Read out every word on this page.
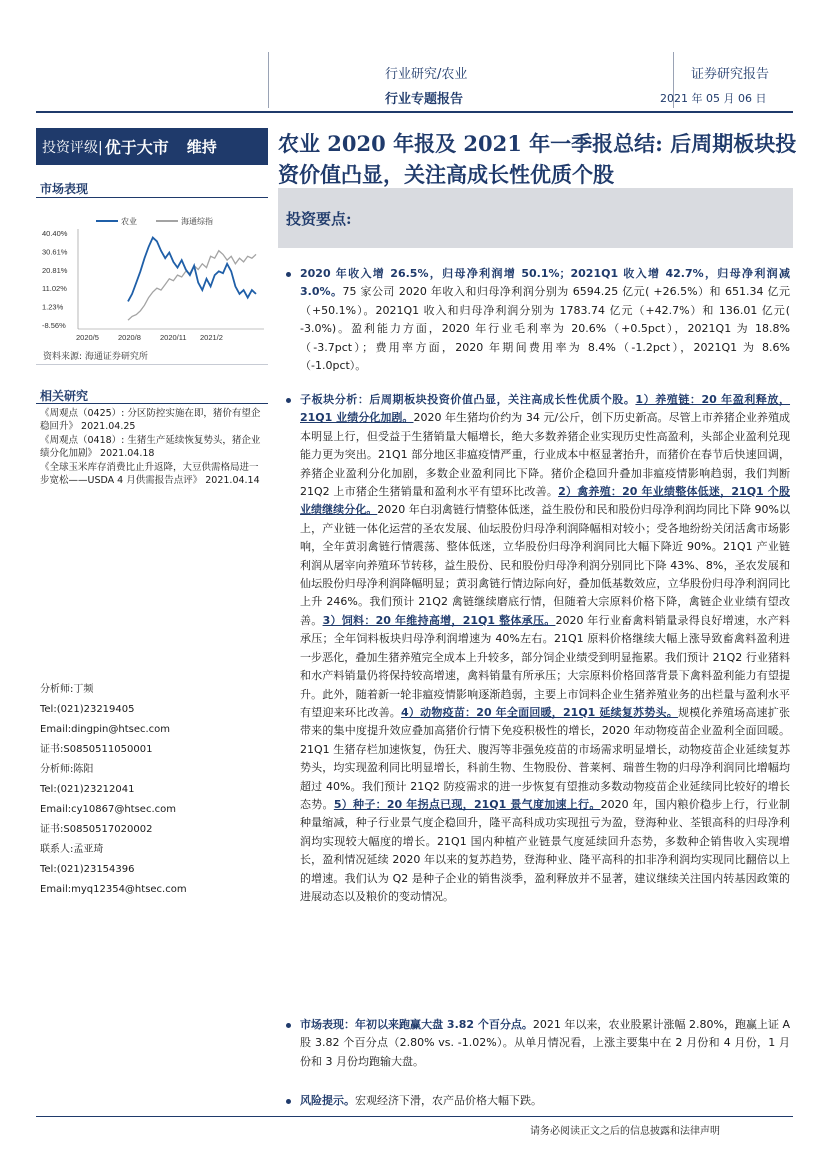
行业研究/农业
行业专题报告
证券研究报告
2021 年 05 月 06 日
投资评级| 优于大市 维持	农业 2020 年报及 2021 年一季报总结: 后周期板块投资价值凸显，关注高成长性优质个股
投资要点:
市场表现
农业	海通综指
40.40%
30.61%
20.81%
11.02%
1.23%
-8.56%
2020/5	2020/8	2020/11 2021/2
资料来源: 海通证券研究所
相关研究
《周观点（0425）: 分区防控实施在即，猪价有望企稳回升》 2021.04.25
《周观点（0418）: 生猪生产延续恢复势头，猪企业绩分化加剧》 2021.04.18
《全球玉米库存消费比止升返降，大豆供需格局进一步宽松——USDA 4 月供需报告点评》 2021.04.14
分析师:丁频
Tel:(021)23219405
Email:dingpin@htsec.com
证书:S0850511050001
分析师:陈阳
Tel:(021)23212041
Email:cy10867@htsec.com
证书:S0850517020002
联系人:孟亚琦
Tel:(021)23154396
Email:myq12354@htsec.com
2020 年收入增 26.5%，归母净利润增 50.1%；2021Q1 收入增 42.7%，归母净利润减 3.0%。75 家公司 2020 年收入和归母净利润分别为 6594.25 亿元( +26.5%）和 651.34 亿元（+50.1%）。2021Q1 收入和归母净利润分别为 1783.74 亿元（+42.7%）和 136.01 亿元( -3.0%)。盈利能力方面，2020 年行业毛利率为 20.6%（+0.5pct），2021Q1 为 18.8%（-3.7pct）；费用率方面，2020 年期间费用率为 8.4%（-1.2pct），2021Q1 为 8.6%（-1.0pct）。
子板块分析：后周期板块投资价值凸显，关注高成长性优质个股。1）养殖链：20 年盈利释放，21Q1 业绩分化加剧。2020 年生猪均价约为 34 元/公斤，创下历史新高。尽管上市养猪企业养殖成本明显上行，但受益于生猪销量大幅增长，绝大多数养猪企业实现历史性高盈利，头部企业盈利兑现能力更为突出。21Q1 部分地区非瘟疫情严重，行业成本中枢显著抬升，而猪价在春节后快速回调，养猪企业盈利分化加剧，多数企业盈利同比下降。猪价企稳回升叠加非瘟疫情影响趋弱，我们判断 21Q2 上市猪企生猪销量和盈利水平有望环比改善。2）禽养殖：20 年业绩整体低迷，21Q1 个股业绩继续分化。2020 年白羽禽链行情整体低迷，益生股份和民和股份归母净利润均同比下降 90%以上，产业链一体化运营的圣农发展、仙坛股份归母净利润降幅相对较小；受各地纷纷关闭活禽市场影响，全年黄羽禽链行情震荡、整体低迷，立华股份归母净利润同比大幅下降近 90%。21Q1 产业链利润从屠宰向养殖环节转移，益生股份、民和股份归母净利润分别同比下降 43%、8%，圣农发展和仙坛股份归母净利润降幅明显；黄羽禽链行情边际向好，叠加低基数效应，立华股份归母净利润同比上升 246%。我们预计 21Q2 禽链继续磨底行情，但随着大宗原料价格下降，禽链企业业绩有望改善。3）饲料：20 年维持高增，21Q1 整体承压。2020 年行业畜禽料销量录得良好增速，水产料承压；全年饲料板块归母净利润增速为 40%左右。21Q1 原料价格继续大幅上涨导致畜禽料盈利进一步恶化，叠加生猪养殖完全成本上升较多，部分饲企业绩受到明显拖累。我们预计 21Q2 行业猪料和水产料销量仍将保持较高增速，禽料销量有所承压；大宗原料价格回落背景下禽料盈利能力有望提升。此外，随着新一轮非瘟疫情影响逐渐趋弱，主要上市饲料企业生猪养殖业务的出栏量与盈利水平有望迎来环比改善。4）动物疫苗：20 年全面回暖，21Q1 延续复苏势头。规模化养殖场高速扩张带来的集中度提升效应叠加高猪价行情下免疫积极性的增长，2020 年动物疫苗企业盈利全面回暖。21Q1 生猪存栏加速恢复，伪狂犬、腹泻等非强免疫苗的市场需求明显增长，动物疫苗企业延续复苏势头，均实现盈利同比明显增长，科前生物、生物股份、普莱柯、瑞普生物的归母净利润同比增幅均超过 40%。我们预计 21Q2 防疫需求的进一步恢复有望推动多数动物疫苗企业延续同比较好的增长态势。5）种子：20 年拐点已现，21Q1 景气度加速上行。2020 年，国内粮价稳步上行，行业制种量缩减，种子行业景气度企稳回升，隆平高科成功实现扭亏为盈，登海种业、荃银高科的归母净利润均实现较大幅度的增长。21Q1 国内种植产业链景气度延续回升态势，多数种企销售收入实现增长，盈利情况延续 2020 年以来的复苏趋势，登海种业、隆平高科的扣非净利润均实现同比翻倍以上的增速。我们认为 Q2 是种子企业的销售淡季，盈利释放并不显著，建议继续关注国内转基因政策的进展动态以及粮价的变动情况。
市场表现：年初以来跑赢大盘 3.82 个百分点。2021 年以来，农业股累计涨幅 2.80%，跑赢上证 A 股 3.82 个百分点（2.80% vs. -1.02%）。从单月情况看，上涨主要集中在 2 月份和 4 月份，1 月份和 3 月份均跑输大盘。
风险提示。宏观经济下滑，农产品价格大幅下跌。
请务必阅读正文之后的信息披露和法律声明
